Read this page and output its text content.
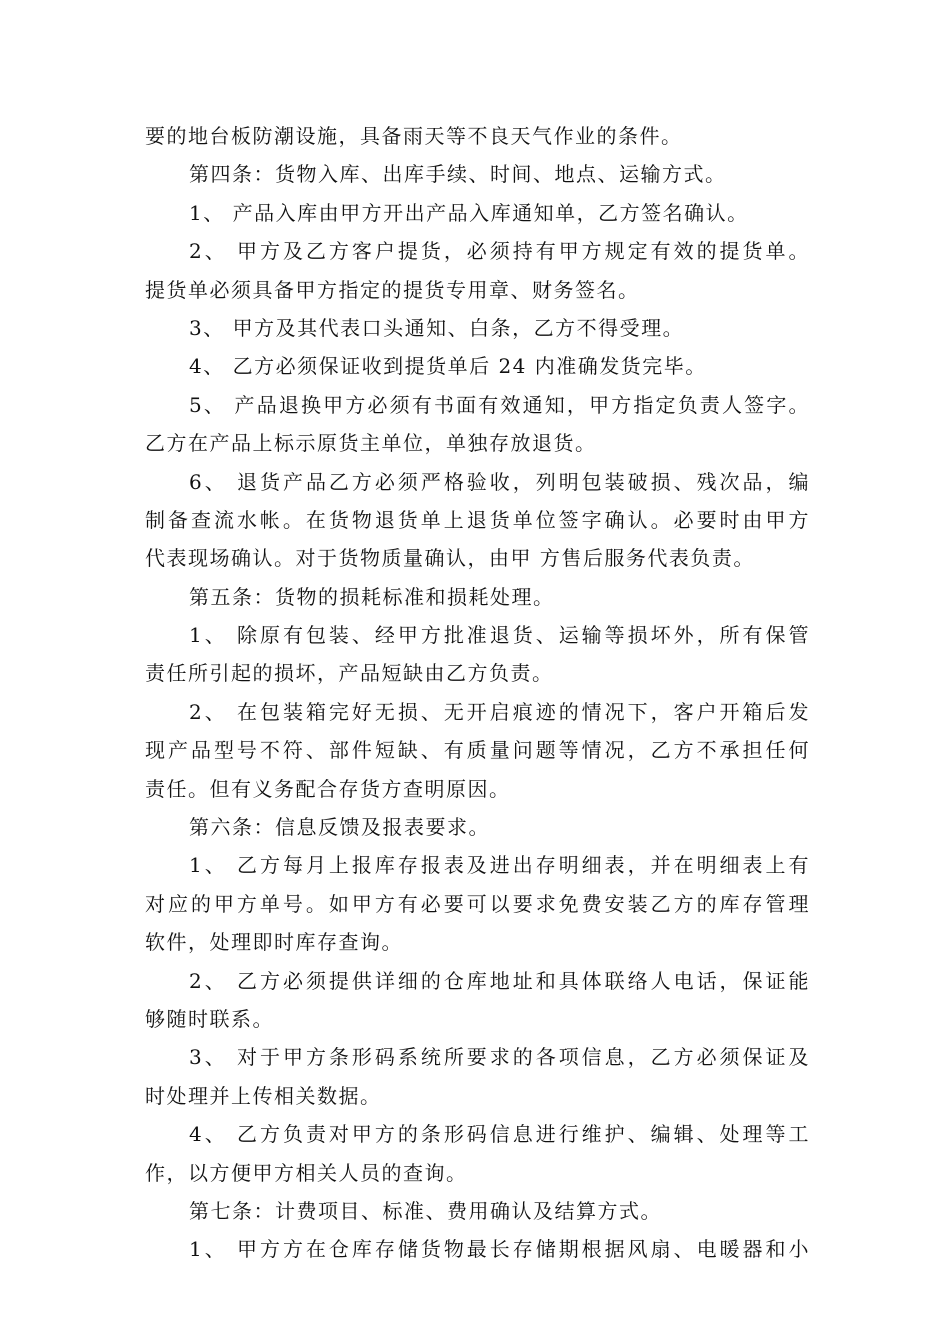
要的地台板防潮设施，具备雨天等不良天气作业的条件。
第四条：货物入库、出库手续、时间、地点、运输方式。
1、 产品入库由甲方开出产品入库通知单，乙方签名确认。
2、 甲方及乙方客户提货，必须持有甲方规定有效的提货单。
提货单必须具备甲方指定的提货专用章、财务签名。
3、 甲方及其代表口头通知、白条，乙方不得受理。
4、 乙方必须保证收到提货单后 24 内准确发货完毕。
5、 产品退换甲方必须有书面有效通知，甲方指定负责人签字。
乙方在产品上标示原货主单位，单独存放退货。
6、 退货产品乙方必须严格验收，列明包装破损、残次品，编
制备查流水帐。在货物退货单上退货单位签字确认。必要时由甲方
代表现场确认。对于货物质量确认，由甲 方售后服务代表负责。
第五条：货物的损耗标准和损耗处理。
1、 除原有包装、经甲方批准退货、运输等损坏外，所有保管
责任所引起的损坏，产品短缺由乙方负责。
2、 在包装箱完好无损、无开启痕迹的情况下，客户开箱后发
现产品型号不符、部件短缺、有质量问题等情况，乙方不承担任何
责任。但有义务配合存货方查明原因。
第六条：信息反馈及报表要求。
1、 乙方每月上报库存报表及进出存明细表，并在明细表上有
对应的甲方单号。如甲方有必要可以要求免费安装乙方的库存管理
软件，处理即时库存查询。
2、 乙方必须提供详细的仓库地址和具体联络人电话，保证能
够随时联系。
3、 对于甲方条形码系统所要求的各项信息，乙方必须保证及
时处理并上传相关数据。
4、 乙方负责对甲方的条形码信息进行维护、编辑、处理等工
作，以方便甲方相关人员的查询。
第七条：计费项目、标准、费用确认及结算方式。
1、 甲方方在仓库存储货物最长存储期根据风扇、电暖器和小
